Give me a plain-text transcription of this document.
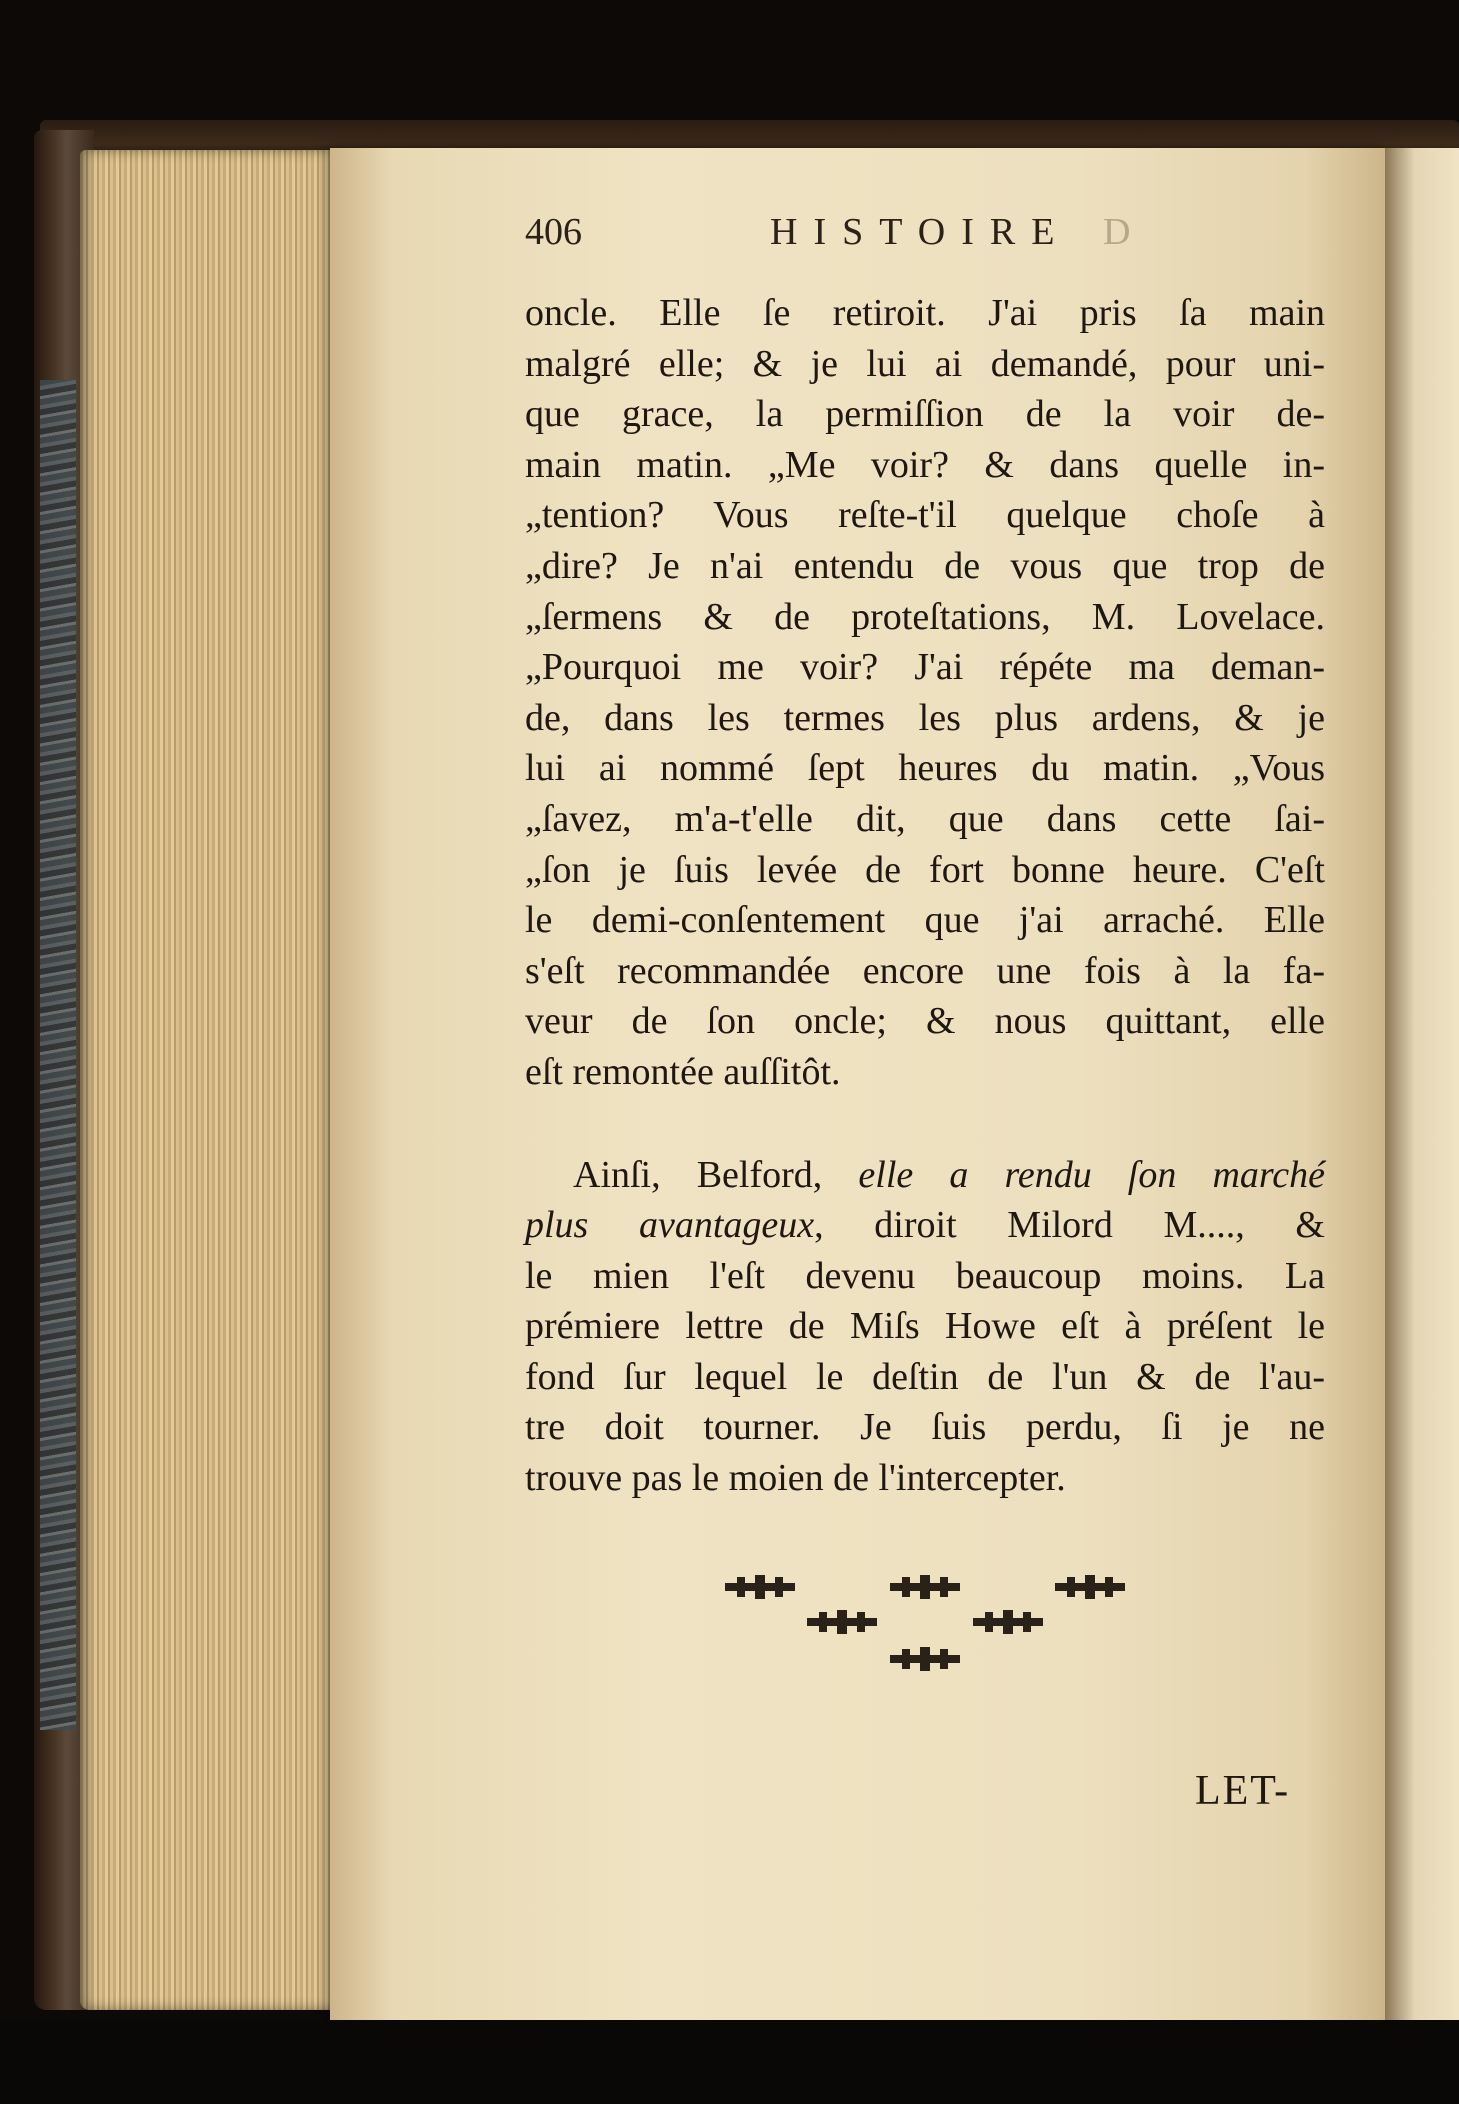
406	HISTOIRE D
oncle. Elle ſe retiroit. J'ai pris ſa main
malgré elle; & je lui ai demandé, pour uni-
que grace, la permiſſion de la voir de-
main matin. „Me voir? & dans quelle in-
„tention? Vous reſte-t'il quelque choſe à
„dire? Je n'ai entendu de vous que trop de
„ſermens & de proteſtations, M. Lovelace.
„Pourquoi me voir? J'ai répéte ma deman-
de, dans les termes les plus ardens, & je
lui ai nommé ſept heures du matin. „Vous
„ſavez, m'a-t'elle dit, que dans cette ſai-
„ſon je ſuis levée de fort bonne heure. C'eſt
le demi-conſentement que j'ai arraché. Elle
s'eſt recommandée encore une fois à la fa-
veur de ſon oncle; & nous quittant, elle
eſt remontée auſſitôt.
Ainſi, Belford, elle a rendu ſon marché
plus avantageux, diroit Milord M...., &
le mien l'eſt devenu beaucoup moins. La
prémiere lettre de Miſs Howe eſt à préſent le
fond ſur lequel le deſtin de l'un & de l'au-
tre doit tourner. Je ſuis perdu, ſi je ne
trouve pas le moien de l'intercepter.
LET-
